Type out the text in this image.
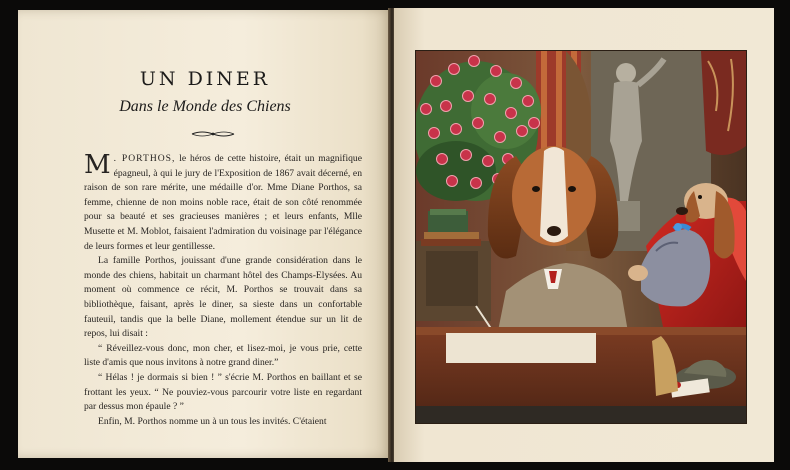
UN DINER
Dans le Monde des Chiens

M . PORTHOS, le héros de cette histoire, était un magnifique épagneul, à qui le jury de l'Exposition de 1867 avait décerné, en raison de son rare mérite, une médaille d'or. Mme Diane Porthos, sa femme, chienne de non moins noble race, était de son côté renommée pour sa beauté et ses gracieuses manières ; et leurs enfants, Mlle Musette et M. Moblot, faisaient l'admiration du voisinage par l'élégance de leurs formes et leur gentillesse.

La famille Porthos, jouissant d'une grande considération dans le monde des chiens, habitait un charmant hôtel des Champs-Elysées. Au moment où commence ce récit, M. Porthos se trouvait dans sa bibliothèque, faisant, après le diner, sa sieste dans un confortable fauteuil, tandis que la belle Diane, mollement étendue sur un lit de repos, lui disait :

“ Réveillez-vous donc, mon cher, et lisez-moi, je vous prie, cette liste d'amis que nous invitons à notre grand diner.”

“ Hélas ! je dormais si bien ! ” s'écrie M. Porthos en baillant et se frottant les yeux. “ Ne pouviez-vous parcourir votre liste en regardant par dessus mon épaule ? ”

Enfin, M. Porthos nomme un à un tous les invités. C'étaient
